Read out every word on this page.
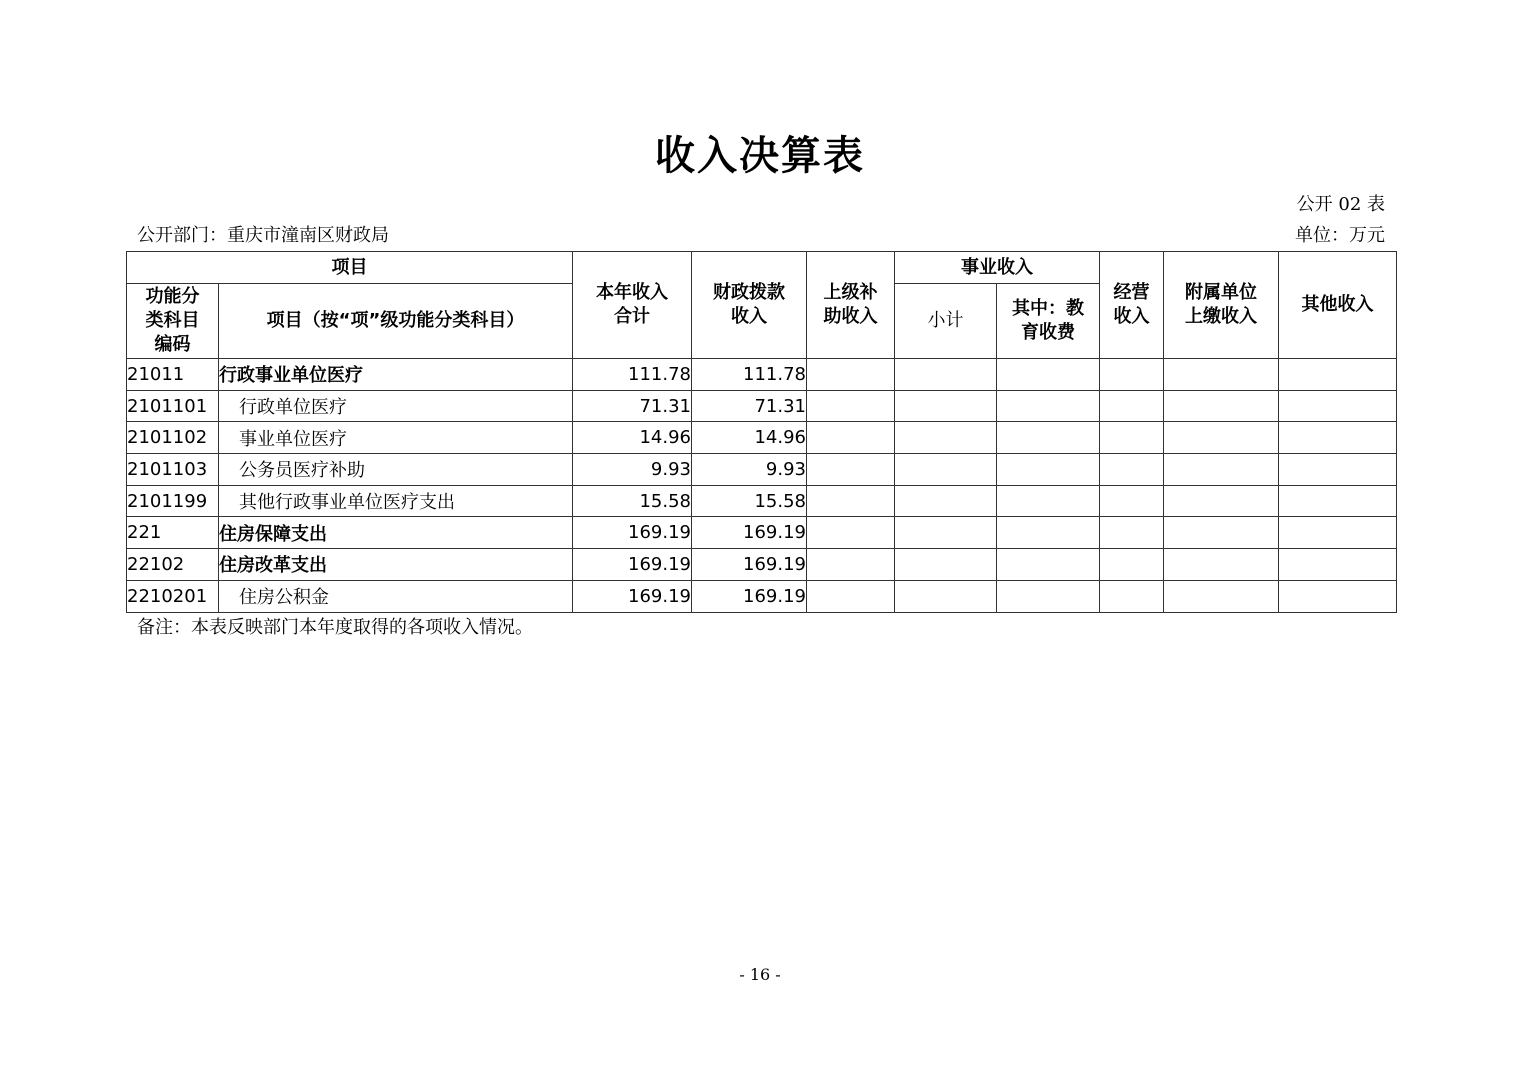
收入决算表
公开 02 表
公开部门：重庆市潼南区财政局	单位：万元
项目		本年收入合计	财政拨款收入	上级补助收入	事业收入		经营收入	附属单位上缴收入	其他收入
功能分类科目编码	项目（按“项”级功能分类科目）				小计	其中：教育收费			
21011	行政事业单位医疗	111.78	111.78						
2101101	行政单位医疗	71.31	71.31						
2101102	事业单位医疗	14.96	14.96						
2101103	公务员医疗补助	9.93	9.93						
2101199	其他行政事业单位医疗支出	15.58	15.58						
221	住房保障支出	169.19	169.19						
22102	住房改革支出	169.19	169.19						
2210201	住房公积金	169.19	169.19						
备注：本表反映部门本年度取得的各项收入情况。
- 16 -
